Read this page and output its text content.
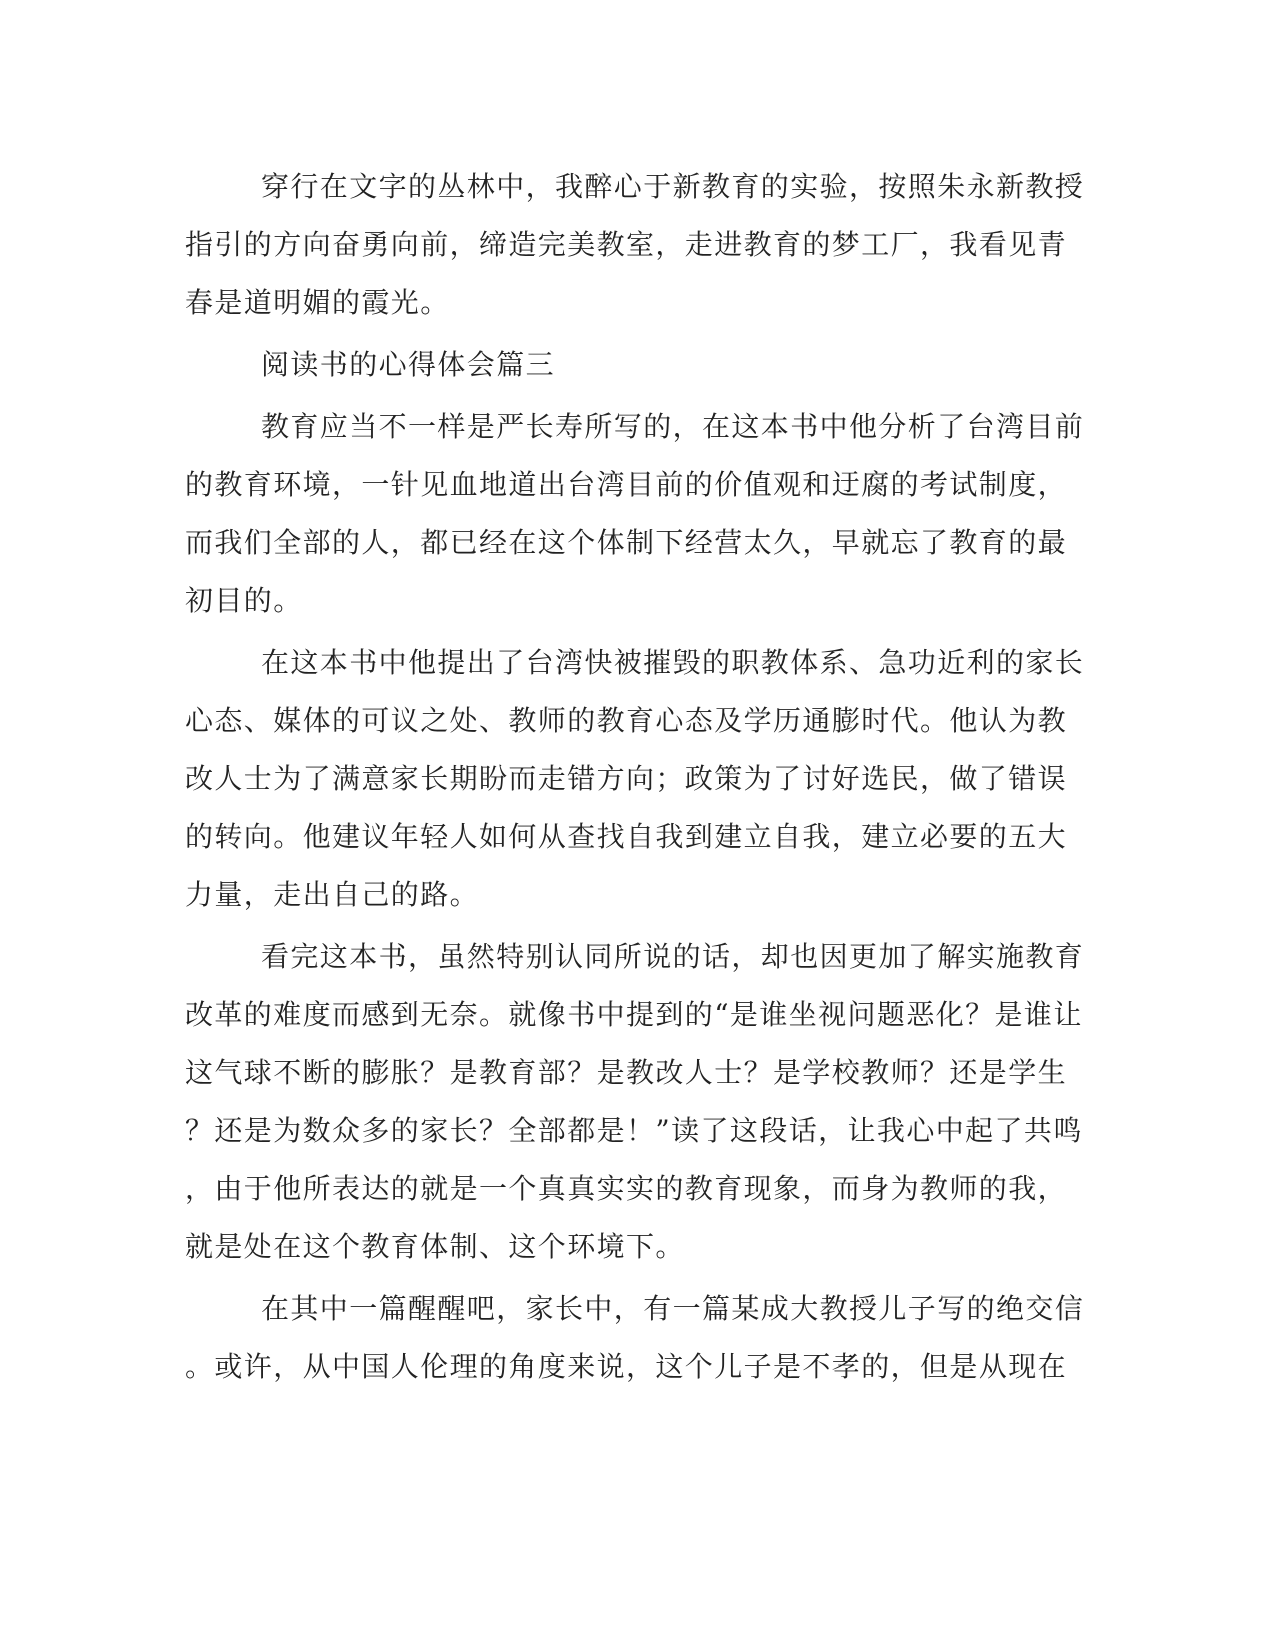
穿行在文字的丛林中，我醉心于新教育的实验，按照朱永新教授
指引的方向奋勇向前，缔造完美教室，走进教育的梦工厂，我看见青
春是道明媚的霞光。
阅读书的心得体会篇三
教育应当不一样是严长寿所写的，在这本书中他分析了台湾目前
的教育环境，一针见血地道出台湾目前的价值观和迂腐的考试制度，
而我们全部的人，都已经在这个体制下经营太久，早就忘了教育的最
初目的。
在这本书中他提出了台湾快被摧毁的职教体系、急功近利的家长
心态、媒体的可议之处、教师的教育心态及学历通膨时代。他认为教
改人士为了满意家长期盼而走错方向；政策为了讨好选民，做了错误
的转向。他建议年轻人如何从查找自我到建立自我，建立必要的五大
力量，走出自己的路。
看完这本书，虽然特别认同所说的话，却也因更加了解实施教育
改革的难度而感到无奈。就像书中提到的“是谁坐视问题恶化？是谁让
这气球不断的膨胀？是教育部？是教改人士？是学校教师？还是学生
？还是为数众多的家长？全部都是！”读了这段话，让我心中起了共鸣
，由于他所表达的就是一个真真实实的教育现象，而身为教师的我，
就是处在这个教育体制、这个环境下。
在其中一篇醒醒吧，家长中，有一篇某成大教授儿子写的绝交信
。或许，从中国人伦理的角度来说，这个儿子是不孝的，但是从现在
